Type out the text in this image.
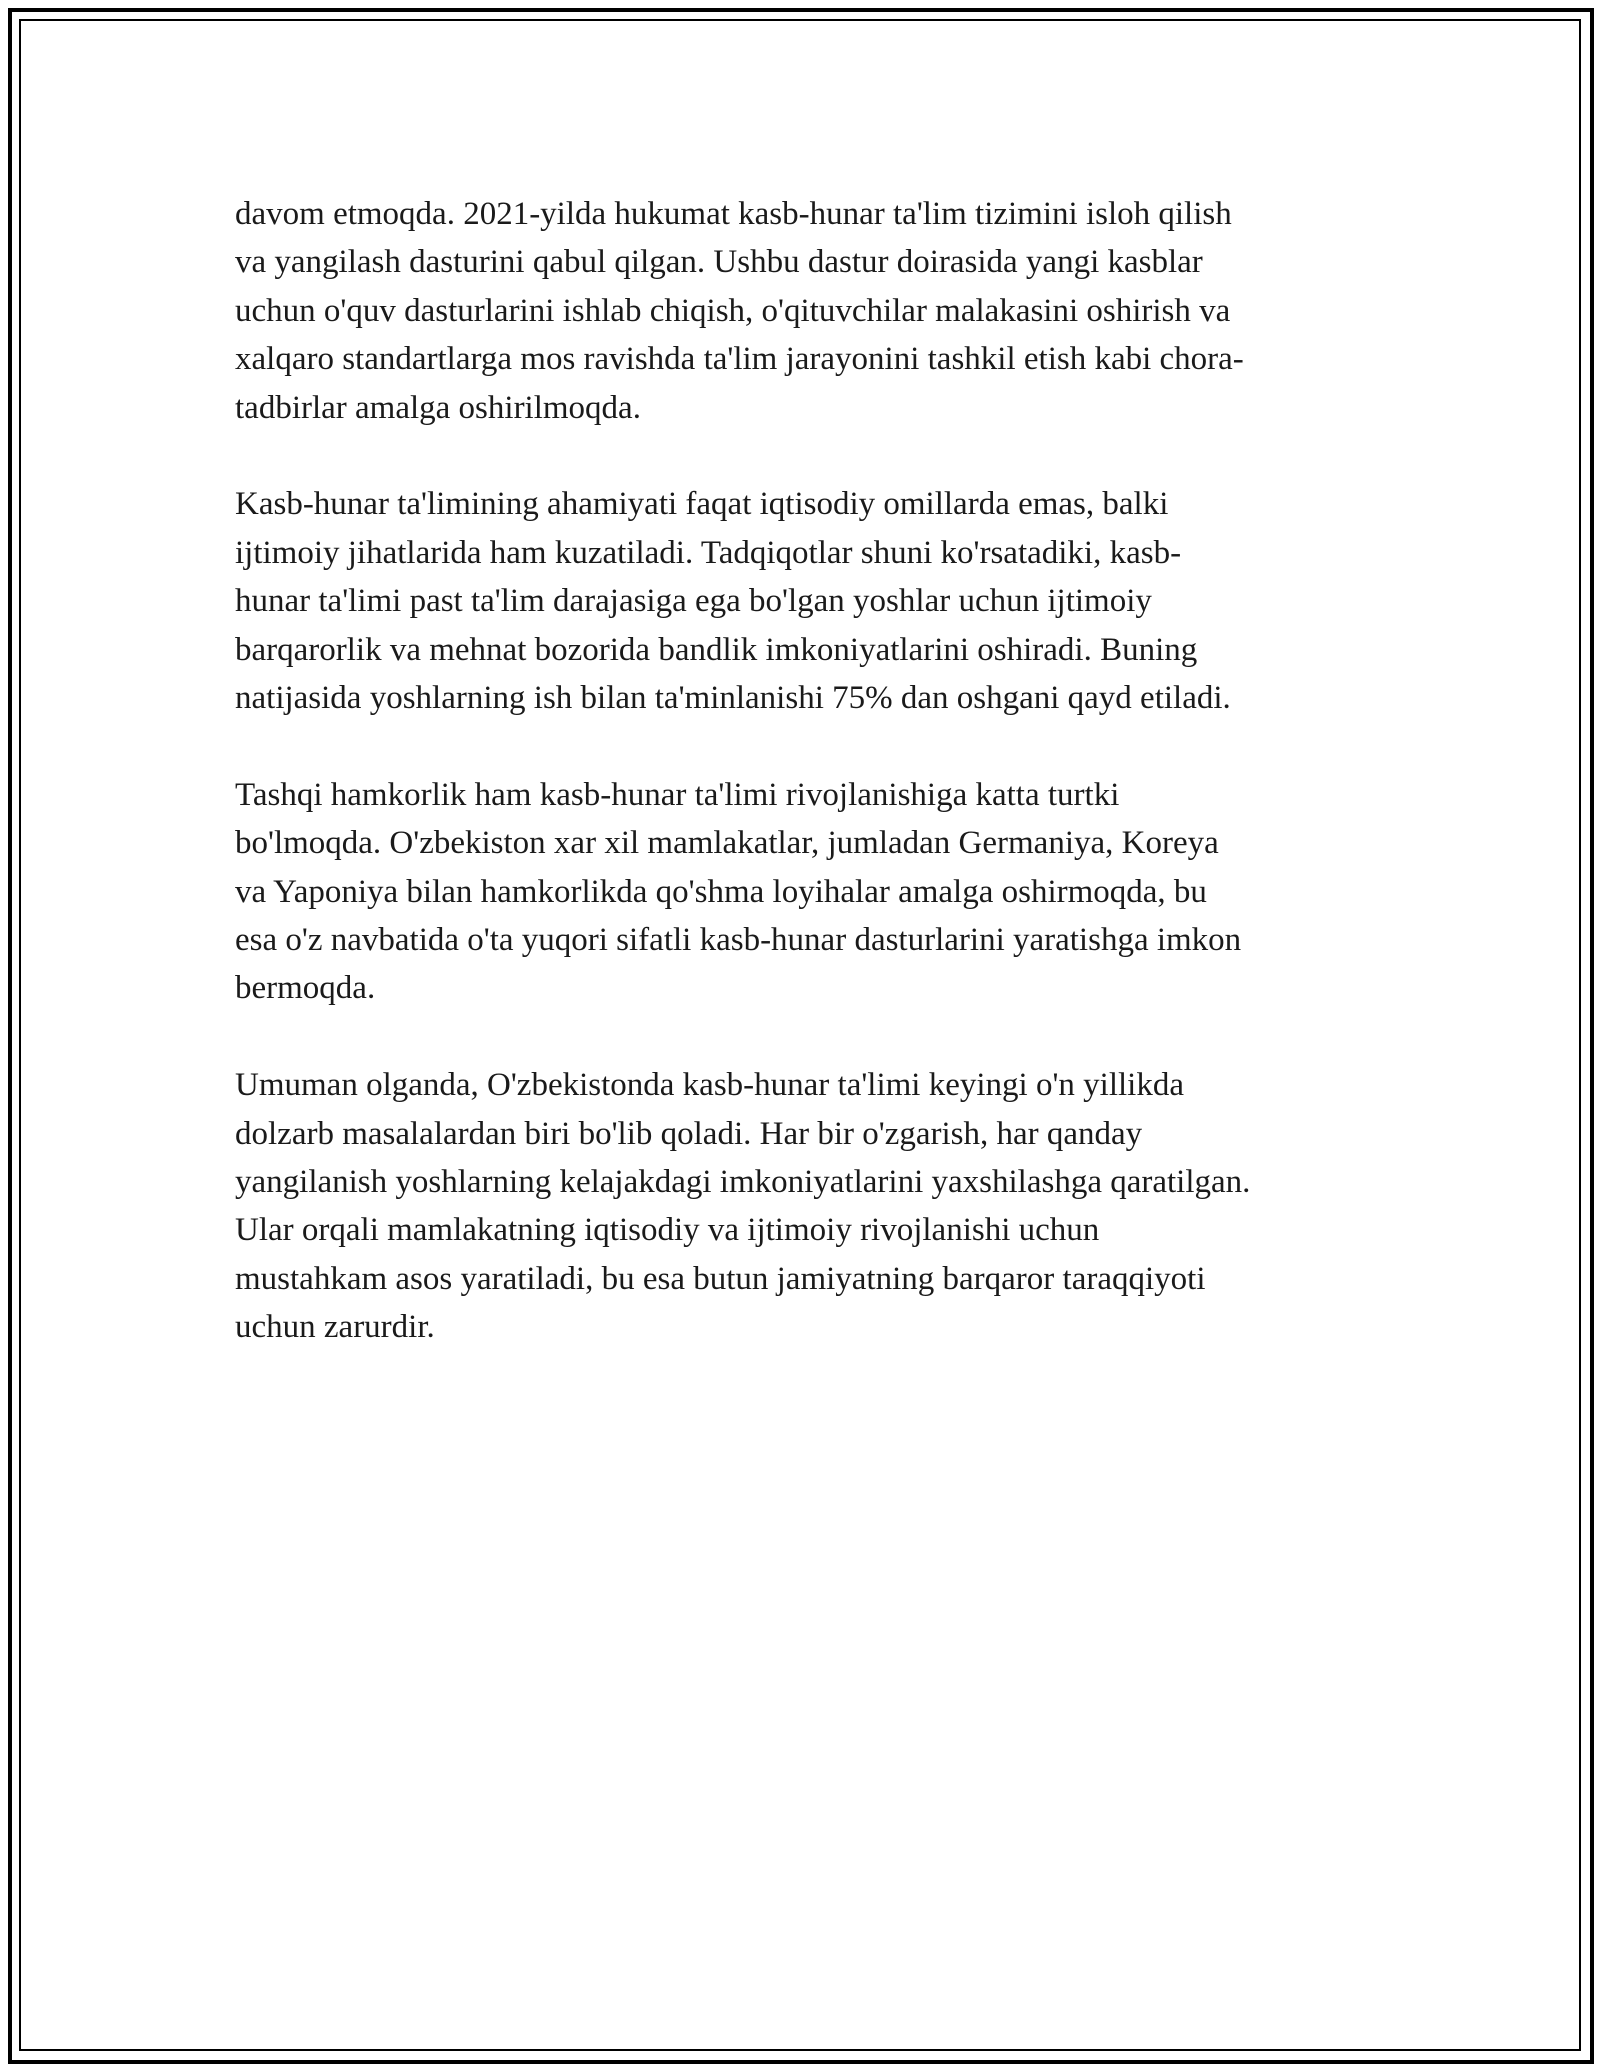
davom etmoqda. 2021-yilda hukumat kasb-hunar ta'lim tizimini isloh qilish
va yangilash dasturini qabul qilgan. Ushbu dastur doirasida yangi kasblar
uchun o'quv dasturlarini ishlab chiqish, o'qituvchilar malakasini oshirish va
xalqaro standartlarga mos ravishda ta'lim jarayonini tashkil etish kabi chora-
tadbirlar amalga oshirilmoqda.

Kasb-hunar ta'limining ahamiyati faqat iqtisodiy omillarda emas, balki
ijtimoiy jihatlarida ham kuzatiladi. Tadqiqotlar shuni ko'rsatadiki, kasb-
hunar ta'limi past ta'lim darajasiga ega bo'lgan yoshlar uchun ijtimoiy
barqarorlik va mehnat bozorida bandlik imkoniyatlarini oshiradi. Buning
natijasida yoshlarning ish bilan ta'minlanishi 75% dan oshgani qayd etiladi.

Tashqi hamkorlik ham kasb-hunar ta'limi rivojlanishiga katta turtki
bo'lmoqda. O'zbekiston xar xil mamlakatlar, jumladan Germaniya, Koreya
va Yaponiya bilan hamkorlikda qo'shma loyihalar amalga oshirmoqda, bu
esa o'z navbatida o'ta yuqori sifatli kasb-hunar dasturlarini yaratishga imkon
bermoqda.

Umuman olganda, O'zbekistonda kasb-hunar ta'limi keyingi o'n yillikda
dolzarb masalalardan biri bo'lib qoladi. Har bir o'zgarish, har qanday
yangilanish yoshlarning kelajakdagi imkoniyatlarini yaxshilashga qaratilgan.
Ular orqali mamlakatning iqtisodiy va ijtimoiy rivojlanishi uchun
mustahkam asos yaratiladi, bu esa butun jamiyatning barqaror taraqqiyoti
uchun zarurdir.
